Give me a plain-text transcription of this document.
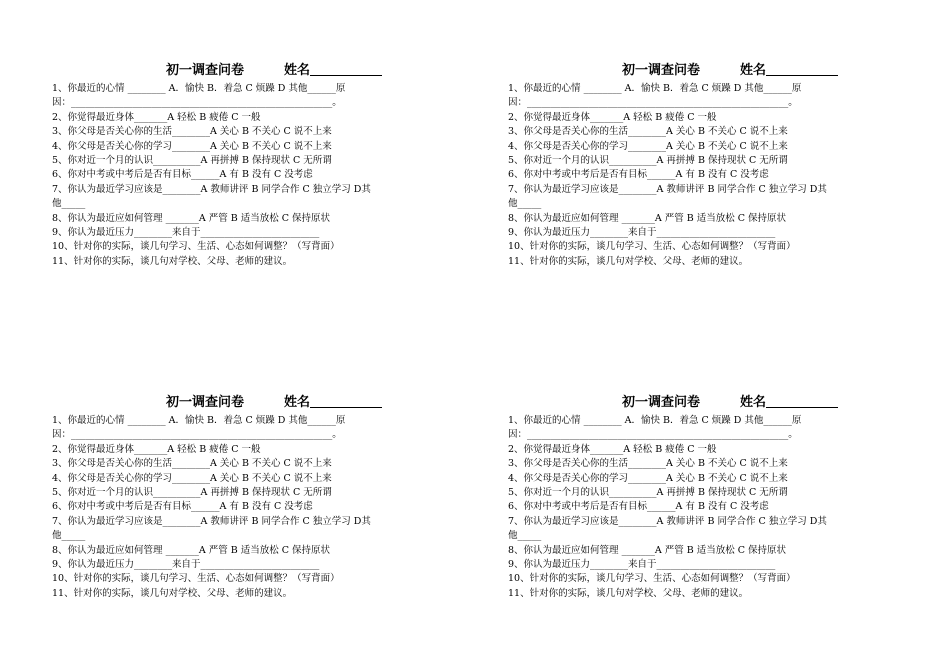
初一调查问卷	姓名
1、你最近的心情 ________ A．愉快 B．着急 C 烦躁 D 其他______原
因：_______________________________________________________。
2、你觉得最近身体_______A 轻松 B 疲倦 C 一般
3、你父母是否关心你的生活________A 关心 B 不关心 C 说不上来
4、你父母是否关心你的学习________A 关心 B 不关心 C 说不上来
5、你对近一个月的认识__________A 再拼搏 B 保持现状 C 无所谓
6、你对中考或中考后是否有目标______A 有 B 没有 C 没考虑
7、你认为最近学习应该是________A 教师讲评 B 同学合作 C 独立学习 D其
他_____
8、你认为最近应如何管理 _______A 严管 B 适当放松 C 保持原状
9、你认为最近压力________来自于_________________________
10、针对你的实际，谈几句学习、生活、心态如何调整？（写背面）
11、针对你的实际，谈几句对学校、父母、老师的建议。
初一调查问卷	姓名
1、你最近的心情 ________ A．愉快 B．着急 C 烦躁 D 其他______原
因：_______________________________________________________。
2、你觉得最近身体_______A 轻松 B 疲倦 C 一般
3、你父母是否关心你的生活________A 关心 B 不关心 C 说不上来
4、你父母是否关心你的学习________A 关心 B 不关心 C 说不上来
5、你对近一个月的认识__________A 再拼搏 B 保持现状 C 无所谓
6、你对中考或中考后是否有目标______A 有 B 没有 C 没考虑
7、你认为最近学习应该是________A 教师讲评 B 同学合作 C 独立学习 D其
他_____
8、你认为最近应如何管理 _______A 严管 B 适当放松 C 保持原状
9、你认为最近压力________来自于_________________________
10、针对你的实际，谈几句学习、生活、心态如何调整？（写背面）
11、针对你的实际，谈几句对学校、父母、老师的建议。
初一调查问卷	姓名
1、你最近的心情 ________ A．愉快 B．着急 C 烦躁 D 其他______原
因：_______________________________________________________。
2、你觉得最近身体_______A 轻松 B 疲倦 C 一般
3、你父母是否关心你的生活________A 关心 B 不关心 C 说不上来
4、你父母是否关心你的学习________A 关心 B 不关心 C 说不上来
5、你对近一个月的认识__________A 再拼搏 B 保持现状 C 无所谓
6、你对中考或中考后是否有目标______A 有 B 没有 C 没考虑
7、你认为最近学习应该是________A 教师讲评 B 同学合作 C 独立学习 D其
他_____
8、你认为最近应如何管理 _______A 严管 B 适当放松 C 保持原状
9、你认为最近压力________来自于_________________________
10、针对你的实际，谈几句学习、生活、心态如何调整？（写背面）
11、针对你的实际，谈几句对学校、父母、老师的建议。
初一调查问卷	姓名
1、你最近的心情 ________ A．愉快 B．着急 C 烦躁 D 其他______原
因：_______________________________________________________。
2、你觉得最近身体_______A 轻松 B 疲倦 C 一般
3、你父母是否关心你的生活________A 关心 B 不关心 C 说不上来
4、你父母是否关心你的学习________A 关心 B 不关心 C 说不上来
5、你对近一个月的认识__________A 再拼搏 B 保持现状 C 无所谓
6、你对中考或中考后是否有目标______A 有 B 没有 C 没考虑
7、你认为最近学习应该是________A 教师讲评 B 同学合作 C 独立学习 D其
他_____
8、你认为最近应如何管理 _______A 严管 B 适当放松 C 保持原状
9、你认为最近压力________来自于_________________________
10、针对你的实际，谈几句学习、生活、心态如何调整？（写背面）
11、针对你的实际，谈几句对学校、父母、老师的建议。
